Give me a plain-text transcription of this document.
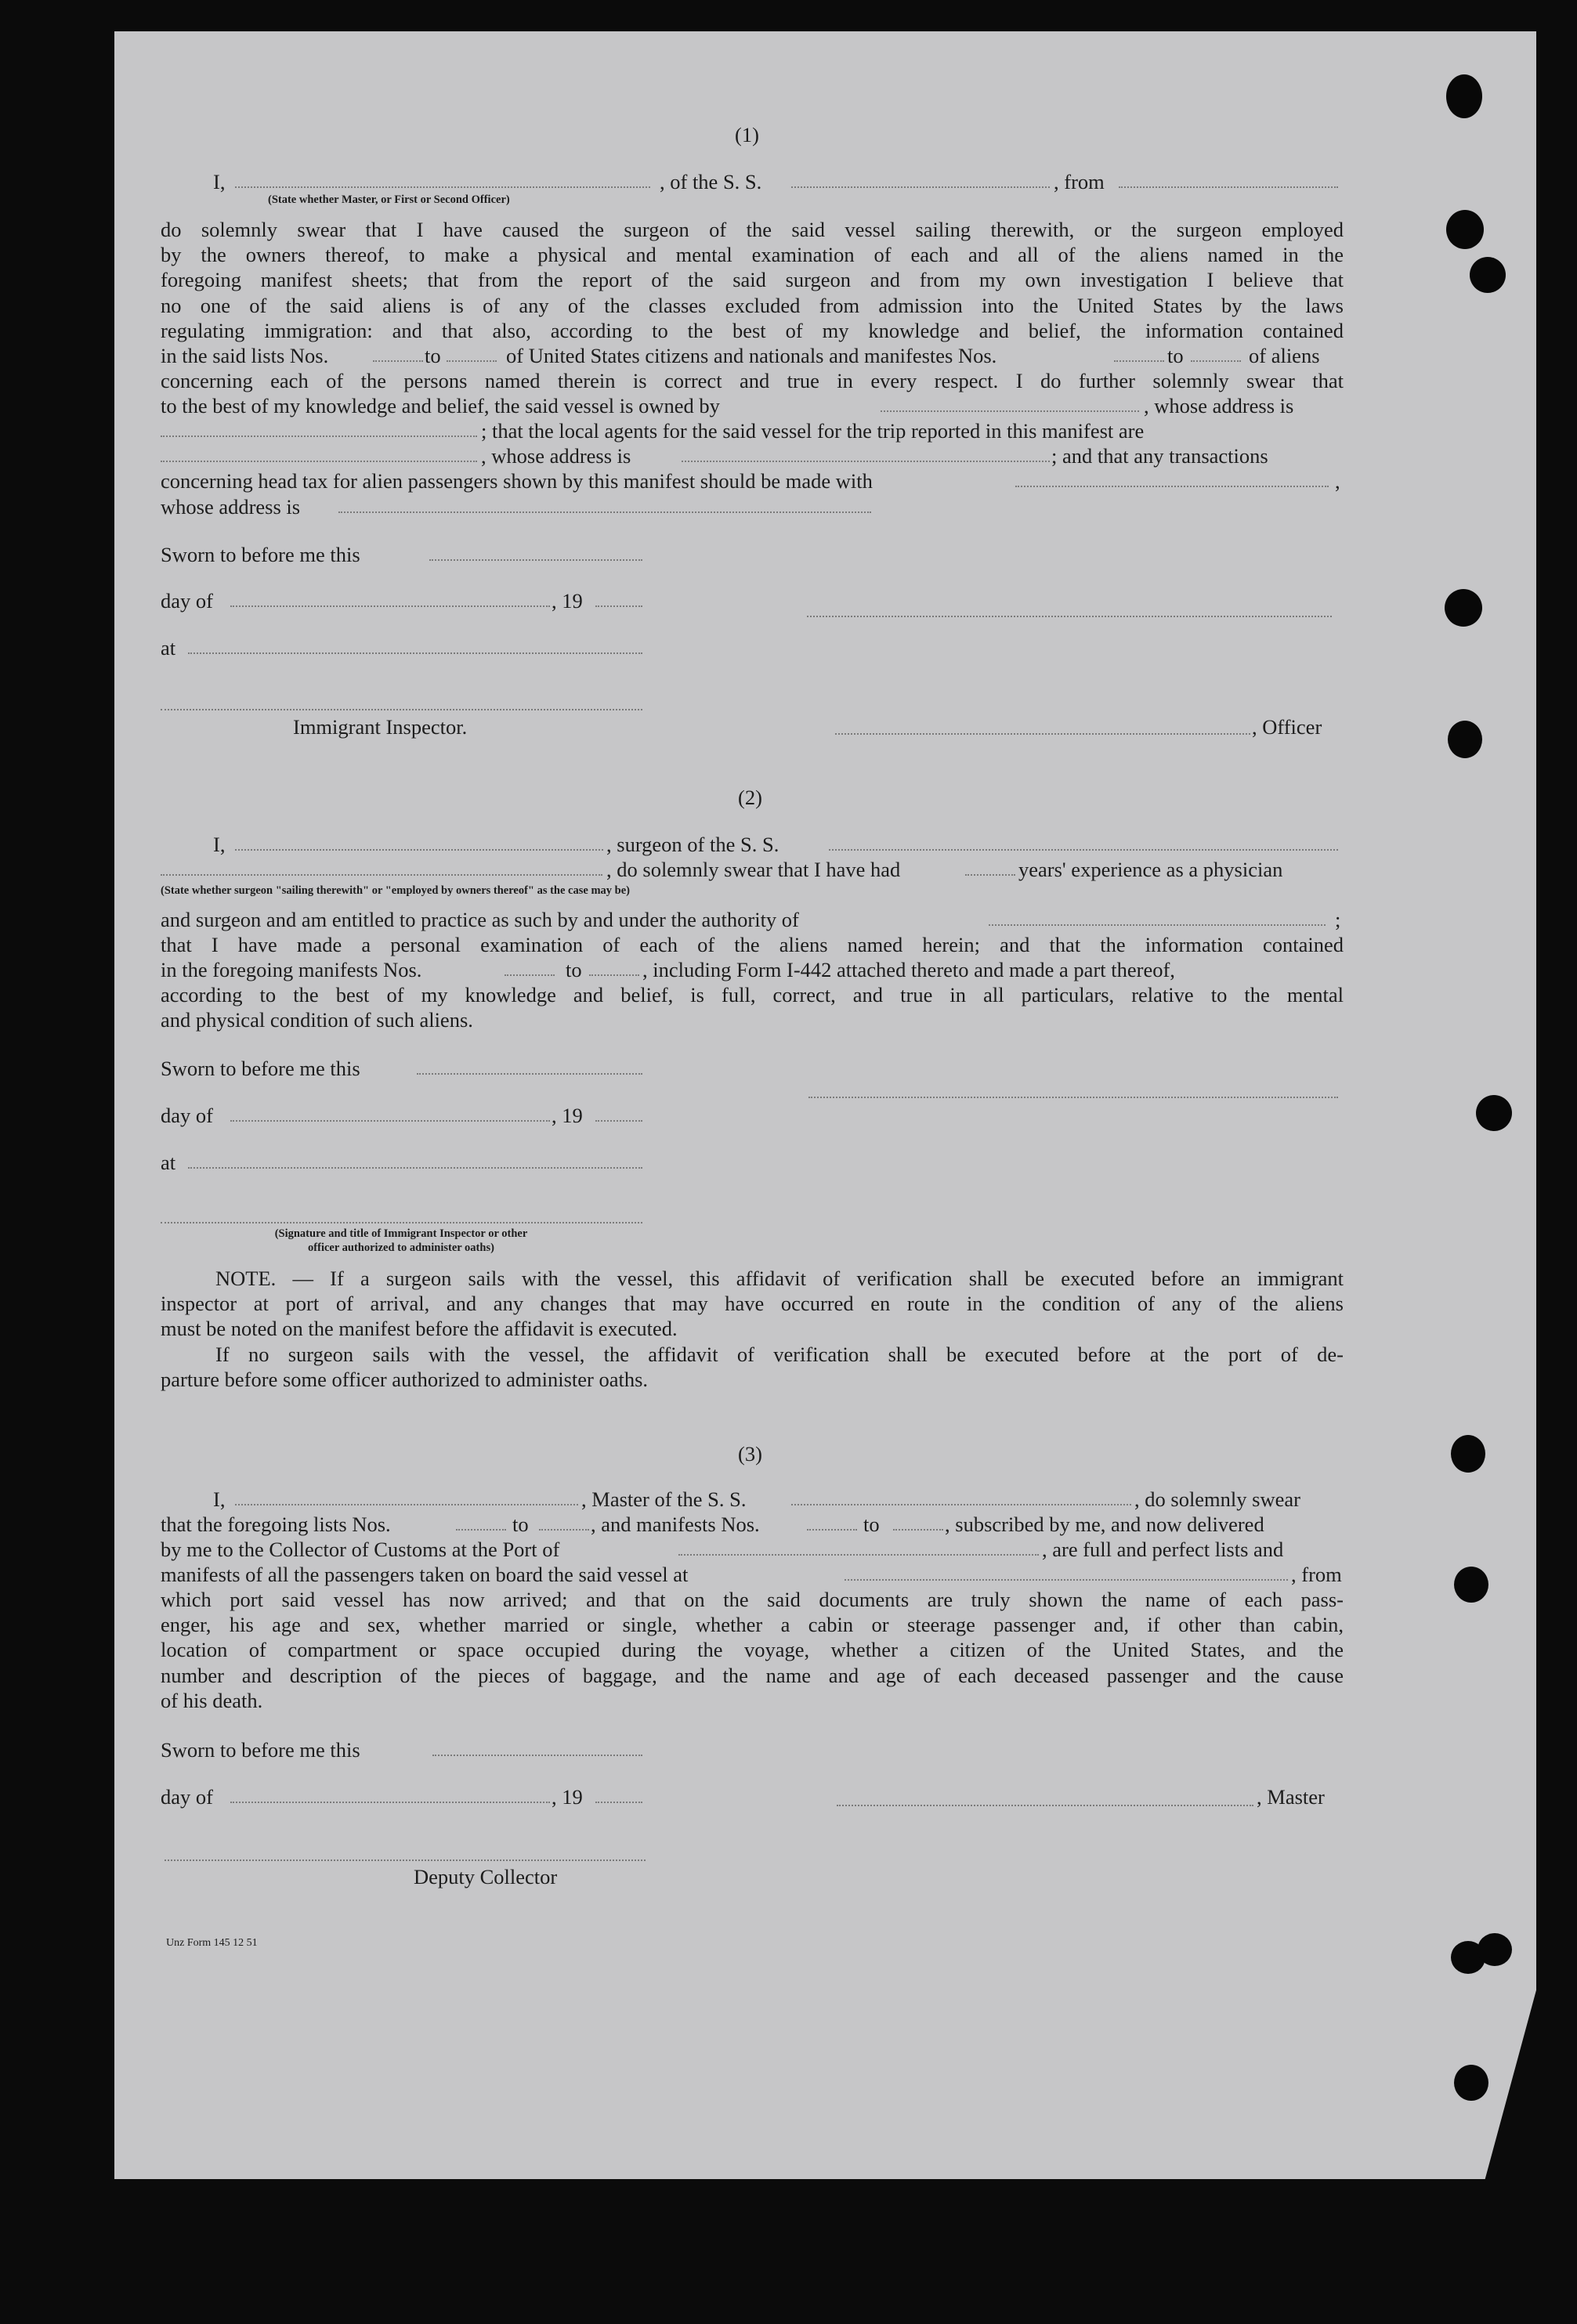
(1)
I,	, of the S. S.	, from
(State whether Master, or First or Second Officer)
do solemnly swear that I have caused the surgeon of the said vessel sailing therewith, or the surgeon employed
by the owners thereof, to make a physical and mental examination of each and all of the aliens named in the
foregoing manifest sheets; that from the report of the said surgeon and from my own investigation I believe that
no one of the said aliens is of any of the classes excluded from admission into the United States by the laws
regulating immigration: and that also, according to the best of my knowledge and belief, the information contained
in the said lists Nos.	to	of United States citizens and nationals and manifestes Nos.	to	of aliens
concerning each of the persons named therein is correct and true in every respect. I do further solemnly swear that
to the best of my knowledge and belief, the said vessel is owned by	, whose address is
; that the local agents for the said vessel for the trip reported in this manifest are
, whose address is	; and that any transactions
concerning head tax for alien passengers shown by this manifest should be made with	,
whose address is
Sworn to before me this
day of	, 19
at
Immigrant Inspector.	, Officer
(2)
I,	, surgeon of the S. S.
, do solemnly swear that I have had	years' experience as a physician
(State whether surgeon "sailing therewith" or "employed by owners thereof" as the case may be)
and surgeon and am entitled to practice as such by and under the authority of	;
that I have made a personal examination of each of the aliens named herein; and that the information contained
in the foregoing manifests Nos.	to	, including Form I-442 attached thereto and made a part thereof,
according to the best of my knowledge and belief, is full, correct, and true in all particulars, relative to the mental
and physical condition of such aliens.
Sworn to before me this
day of	, 19
at
(Signature and title of Immigrant Inspector or other
officer authorized to administer oaths)
NOTE. — If a surgeon sails with the vessel, this affidavit of verification shall be executed before an immigrant
inspector at port of arrival, and any changes that may have occurred en route in the condition of any of the aliens
must be noted on the manifest before the affidavit is executed.
If no surgeon sails with the vessel, the affidavit of verification shall be executed before at the port of de-
parture before some officer authorized to administer oaths.
(3)
I,	, Master of the S. S.	, do solemnly swear
that the foregoing lists Nos.	to	, and manifests Nos.	to	, subscribed by me, and now delivered
by me to the Collector of Customs at the Port of	, are full and perfect lists and
manifests of all the passengers taken on board the said vessel at	, from
which port said vessel has now arrived; and that on the said documents are truly shown the name of each pass-
enger, his age and sex, whether married or single, whether a cabin or steerage passenger and, if other than cabin,
location of compartment or space occupied during the voyage, whether a citizen of the United States, and the
number and description of the pieces of baggage, and the name and age of each deceased passenger and the cause
of his death.
Sworn to before me this
day of	, 19	, Master
Deputy Collector
Unz Form 145 12 51
